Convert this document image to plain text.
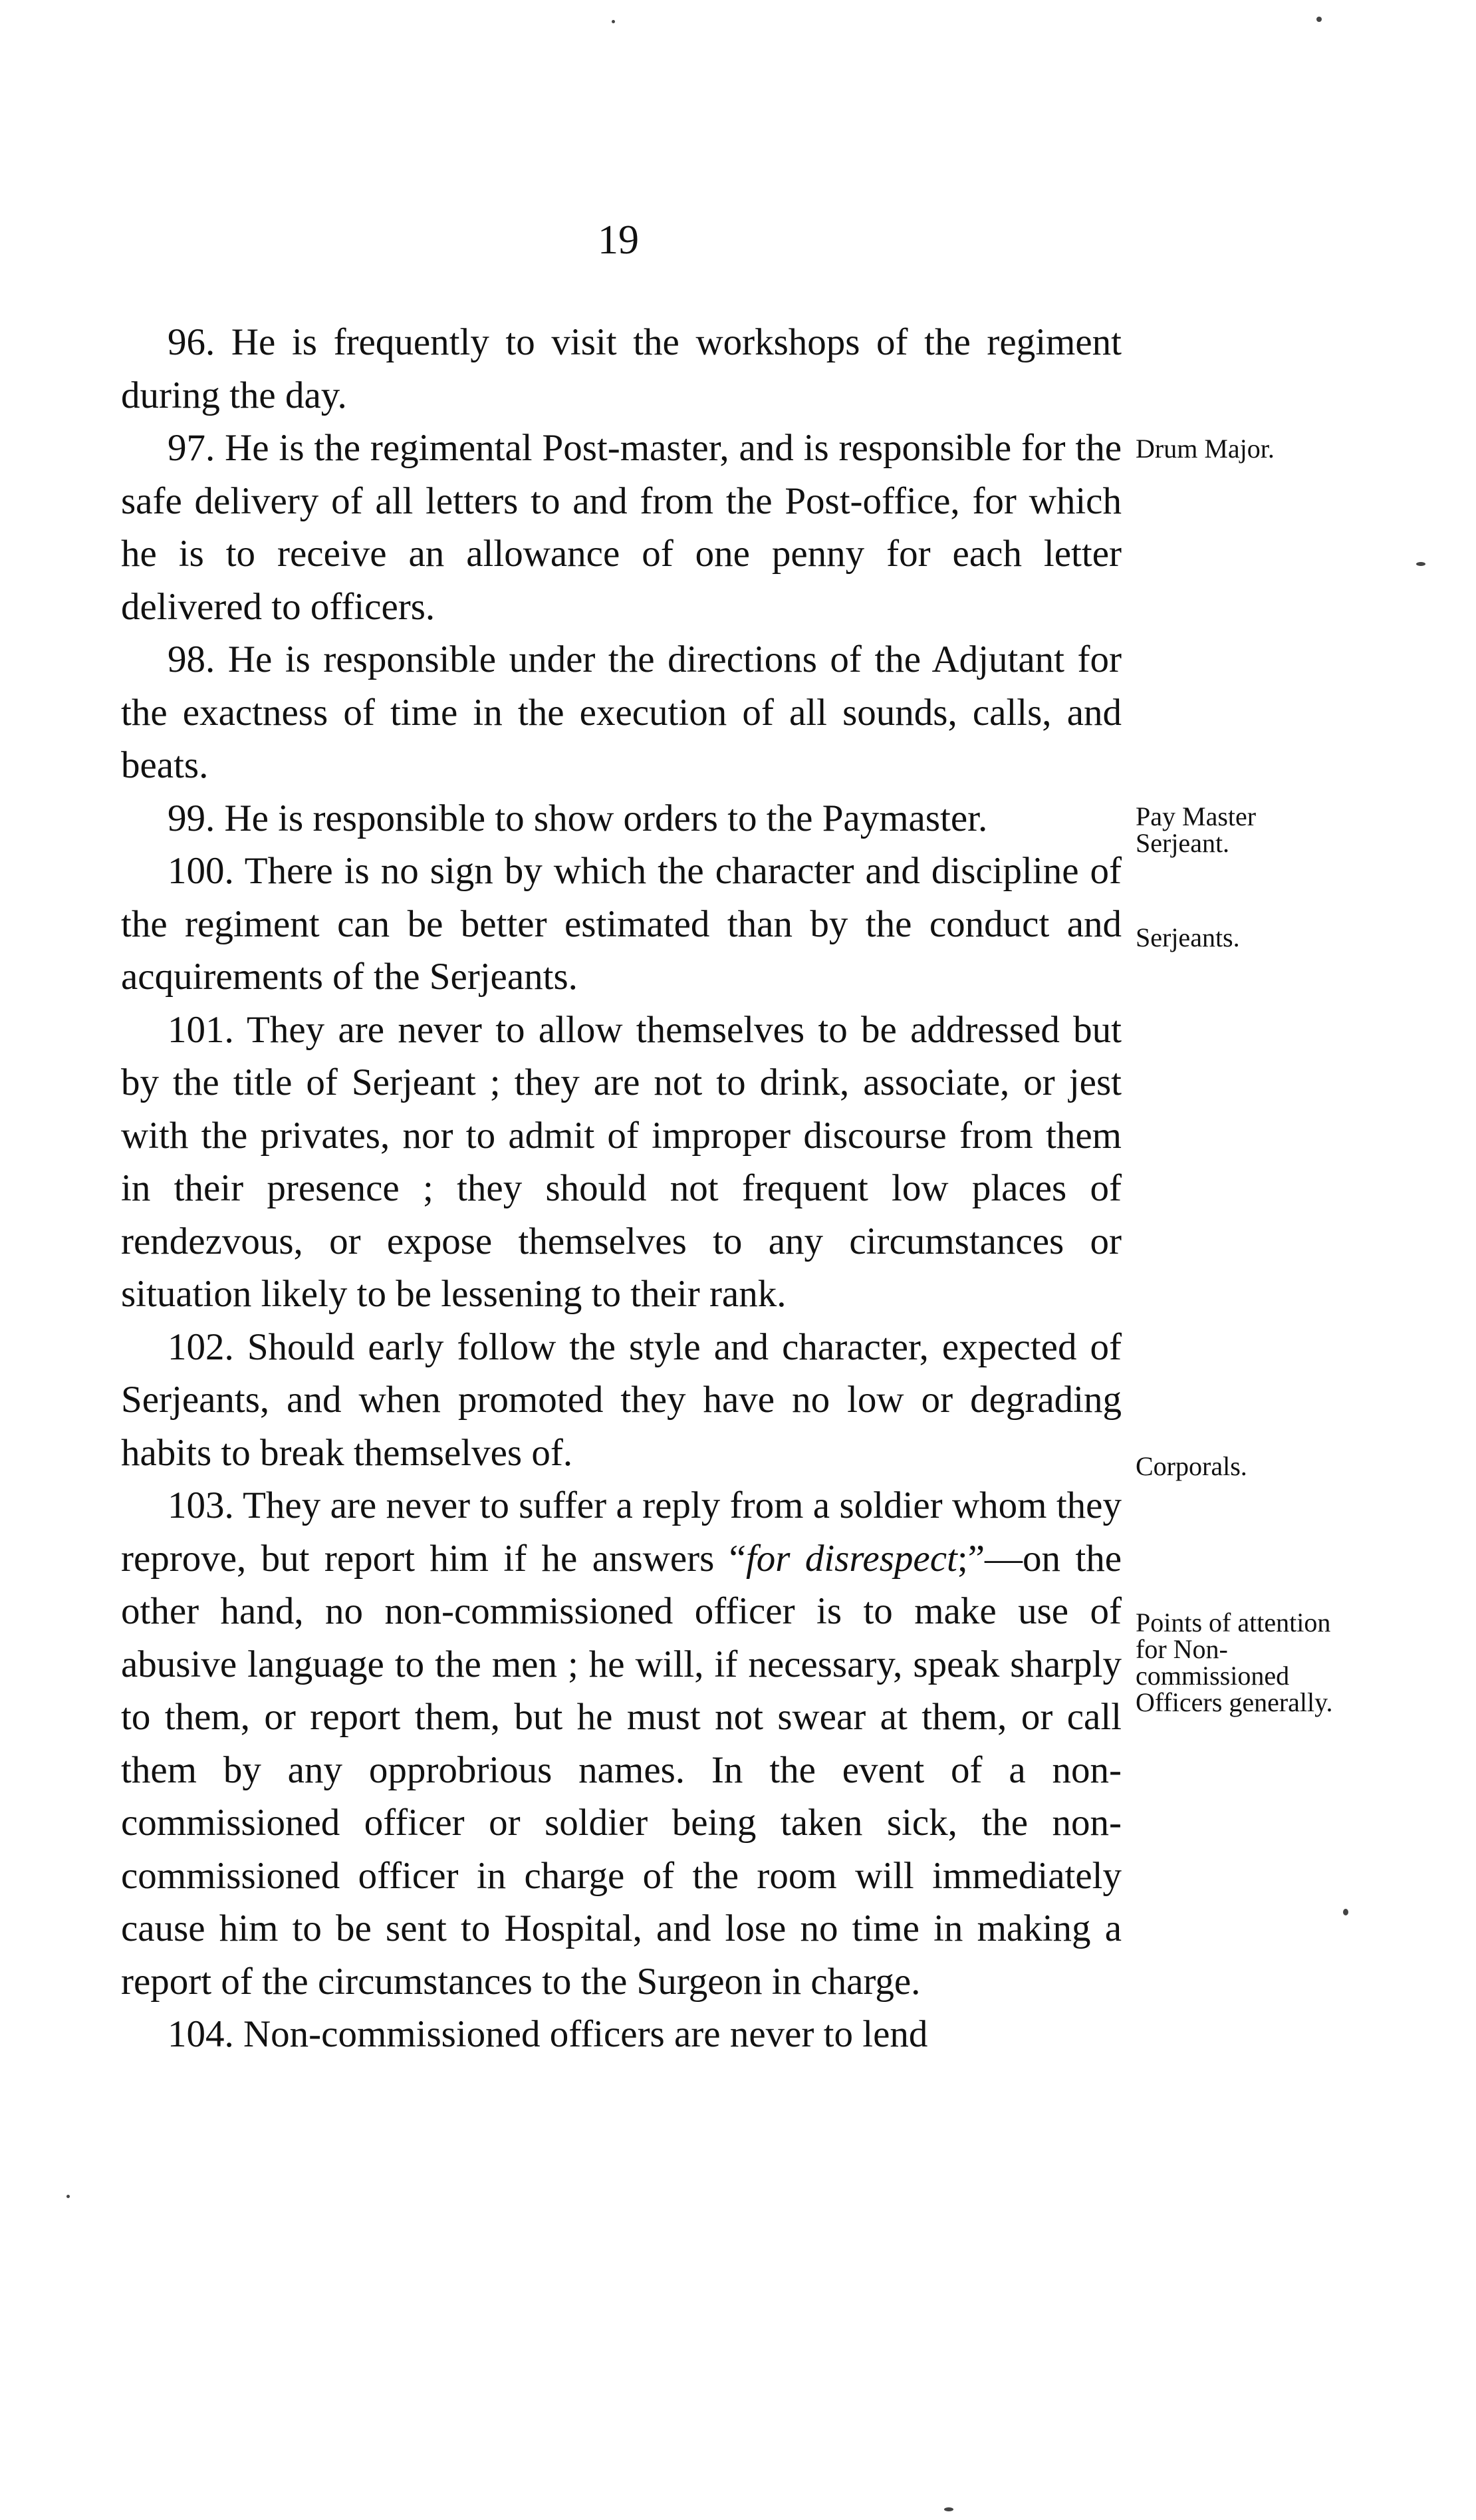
19

96. He is frequently to visit the workshops of the regiment during the day.

97. He is the regimental Post-master, and is responsible for the safe delivery of all letters to and from the Post-office, for which he is to receive an allowance of one penny for each letter delivered to officers.

98. He is responsible under the directions of the Adjutant for the exactness of time in the execution of all sounds, calls, and beats.

99. He is responsible to show orders to the Paymaster.

100. There is no sign by which the character and discipline of the regiment can be better estimated than by the conduct and acquirements of the Serjeants.

101. They are never to allow themselves to be addressed but by the title of Serjeant ; they are not to drink, associate, or jest with the privates, nor to admit of improper discourse from them in their presence ; they should not frequent low places of rendezvous, or expose themselves to any circumstances or situation likely to be lessening to their rank.

102. Should early follow the style and character, expected of Serjeants, and when promoted they have no low or degrading habits to break themselves of.

103. They are never to suffer a reply from a soldier whom they reprove, but report him if he answers “for disrespect;”—on the other hand, no non-commissioned officer is to make use of abusive language to the men ; he will, if necessary, speak sharply to them, or report them, but he must not swear at them, or call them by any opprobrious names. In the event of a non-commissioned officer or soldier being taken sick, the non-commissioned officer in charge of the room will immediately cause him to be sent to Hospital, and lose no time in making a report of the circumstances to the Surgeon in charge.

104. Non-commissioned officers are never to lend

Drum Major.
Pay Master Serjeant.
Serjeants.
Corporals.
Points of attention for Non-commissioned Officers generally.
